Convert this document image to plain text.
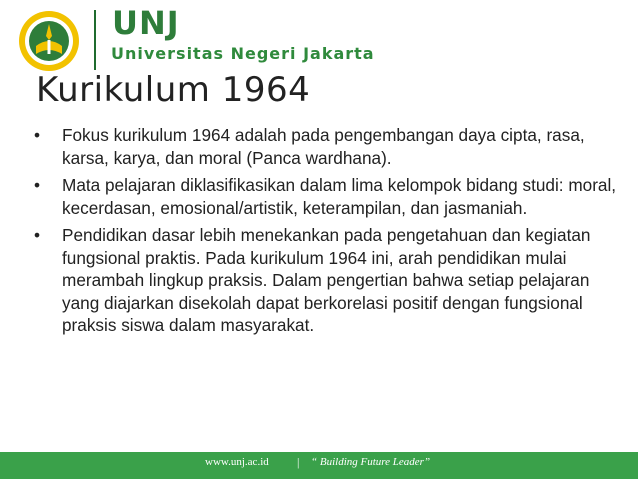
UNJ
Universitas Negeri Jakarta
Kurikulum 1964
•	Fokus kurikulum 1964 adalah pada pengembangan daya cipta, rasa, karsa, karya, dan moral (Panca wardhana).
•	Mata pelajaran diklasifikasikan dalam lima kelompok bidang studi: moral, kecerdasan, emosional/artistik, keterampilan, dan jasmaniah.
•	Pendidikan dasar lebih menekankan pada pengetahuan dan kegiatan fungsional praktis. Pada kurikulum 1964 ini, arah pendidikan mulai merambah lingkup praksis. Dalam pengertian bahwa setiap pelajaran yang diajarkan disekolah dapat berkorelasi positif dengan fungsional praksis siswa dalam masyarakat.
www.unj.ac.id | “ Building Future Leader”
